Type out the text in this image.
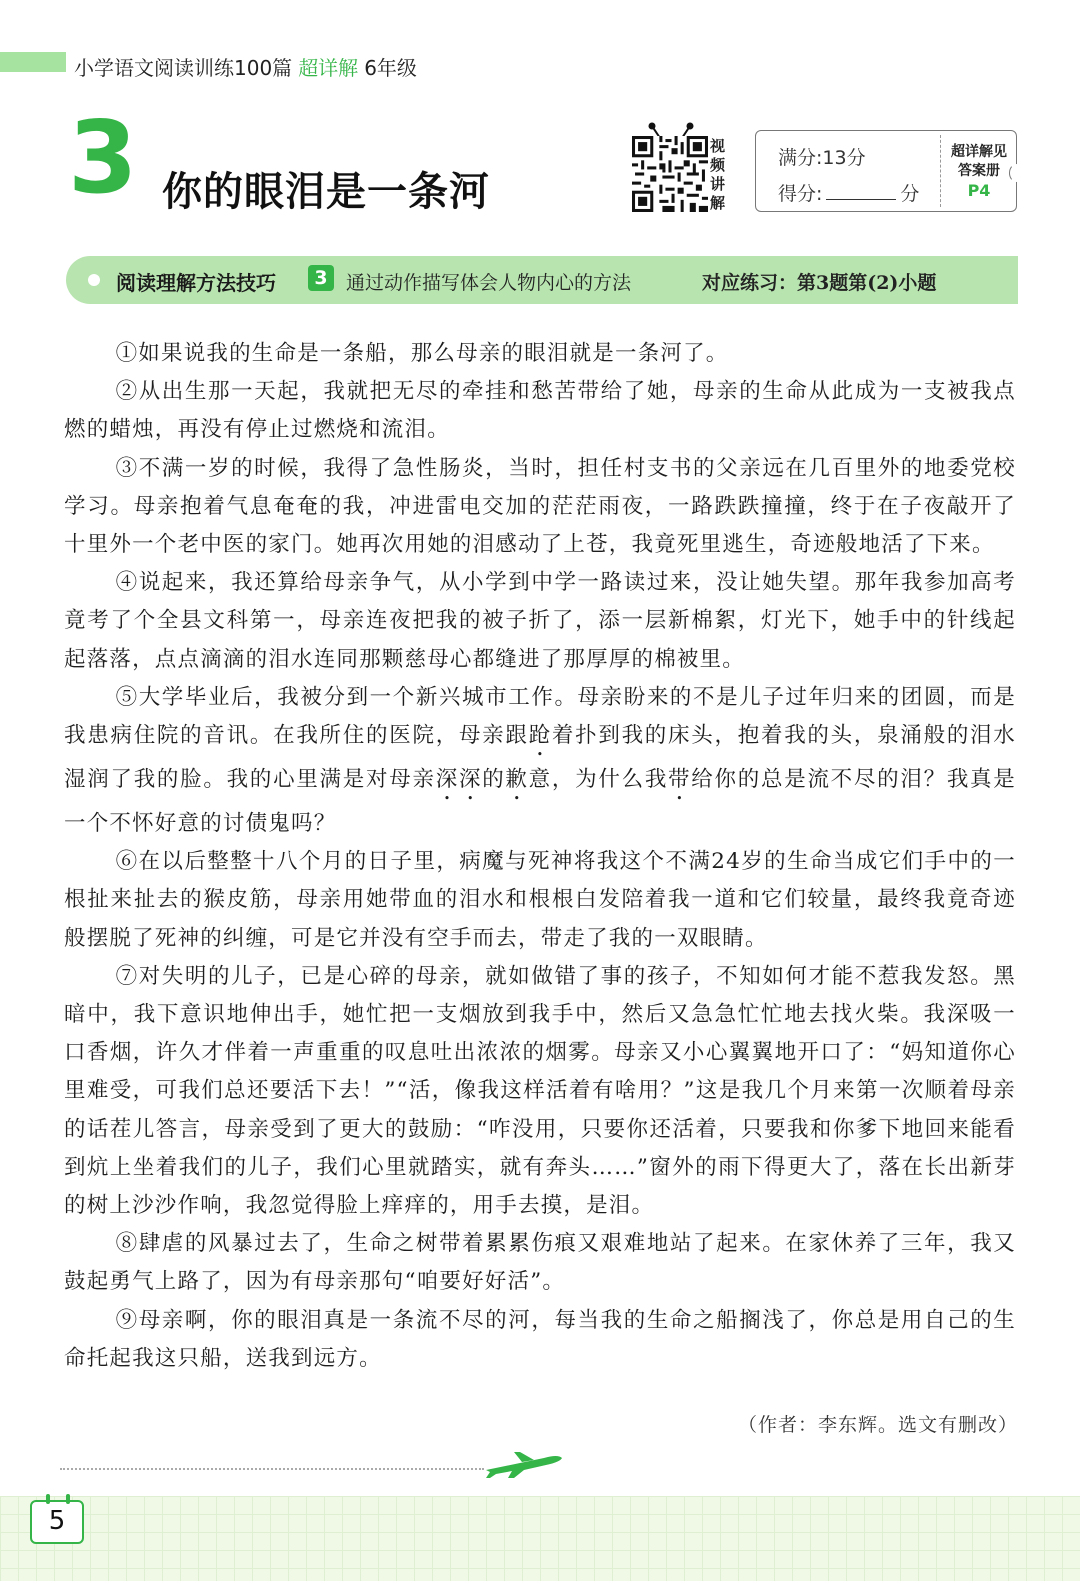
小学语文阅读训练100篇 超详解 6年级
3 你的眼泪是一条河
视频讲解
满分:13分
得分:	分
超详解见
答案册
P4
阅读理解方法技巧	3 通过动作描写体会人物内心的方法	对应练习：第3题第(2)小题

①如果说我的生命是一条船，那么母亲的眼泪就是一条河了。

②从出生那一天起，我就把无尽的牵挂和愁苦带给了她，母亲的生命从此成为一支被我点燃的蜡烛，再没有停止过燃烧和流泪。

③不满一岁的时候，我得了急性肠炎，当时，担任村支书的父亲远在几百里外的地委党校学习。母亲抱着气息奄奄的我，冲进雷电交加的茫茫雨夜，一路跌跌撞撞，终于在子夜敲开了十里外一个老中医的家门。她再次用她的泪感动了上苍，我竟死里逃生，奇迹般地活了下来。

④说起来，我还算给母亲争气，从小学到中学一路读过来，没让她失望。那年我参加高考竟考了个全县文科第一，母亲连夜把我的被子折了，添一层新棉絮，灯光下，她手中的针线起起落落，点点滴滴的泪水连同那颗慈母心都缝进了那厚厚的棉被里。

⑤大学毕业后，我被分到一个新兴城市工作。母亲盼来的不是儿子过年归来的团圆，而是我患病住院的音讯。在我所住的医院，母亲跟跄着扑到我的床头，抱着我的头，泉涌般的泪水湿润了我的脸。我的心里满是对母亲深深的歉意，为什么我带给你的总是流不尽的泪？我真是一个不怀好意的讨债鬼吗？

⑥在以后整整十八个月的日子里，病魔与死神将我这个不满24岁的生命当成它们手中的一根扯来扯去的猴皮筋，母亲用她带血的泪水和根根白发陪着我一道和它们较量，最终我竟奇迹般摆脱了死神的纠缠，可是它并没有空手而去，带走了我的一双眼睛。

⑦对失明的儿子，已是心碎的母亲，就如做错了事的孩子，不知如何才能不惹我发怒。黑暗中，我下意识地伸出手，她忙把一支烟放到我手中，然后又急急忙忙地去找火柴。我深吸一口香烟，许久才伴着一声重重的叹息吐出浓浓的烟雾。母亲又小心翼翼地开口了：“妈知道你心里难受，可我们总还要活下去！”“活，像我这样活着有啥用？”这是我几个月来第一次顺着母亲的话茬儿答言，母亲受到了更大的鼓励：“咋没用，只要你还活着，只要我和你爹下地回来能看到炕上坐着我们的儿子，我们心里就踏实，就有奔头……”窗外的雨下得更大了，落在长出新芽的树上沙沙作响，我忽觉得脸上痒痒的，用手去摸，是泪。

⑧肆虐的风暴过去了，生命之树带着累累伤痕又艰难地站了起来。在家休养了三年，我又鼓起勇气上路了，因为有母亲那句“咱要好好活”。

⑨母亲啊，你的眼泪真是一条流不尽的河，每当我的生命之船搁浅了，你总是用自己的生命托起我这只船，送我到远方。

（作者：李东辉。选文有删改）
5
